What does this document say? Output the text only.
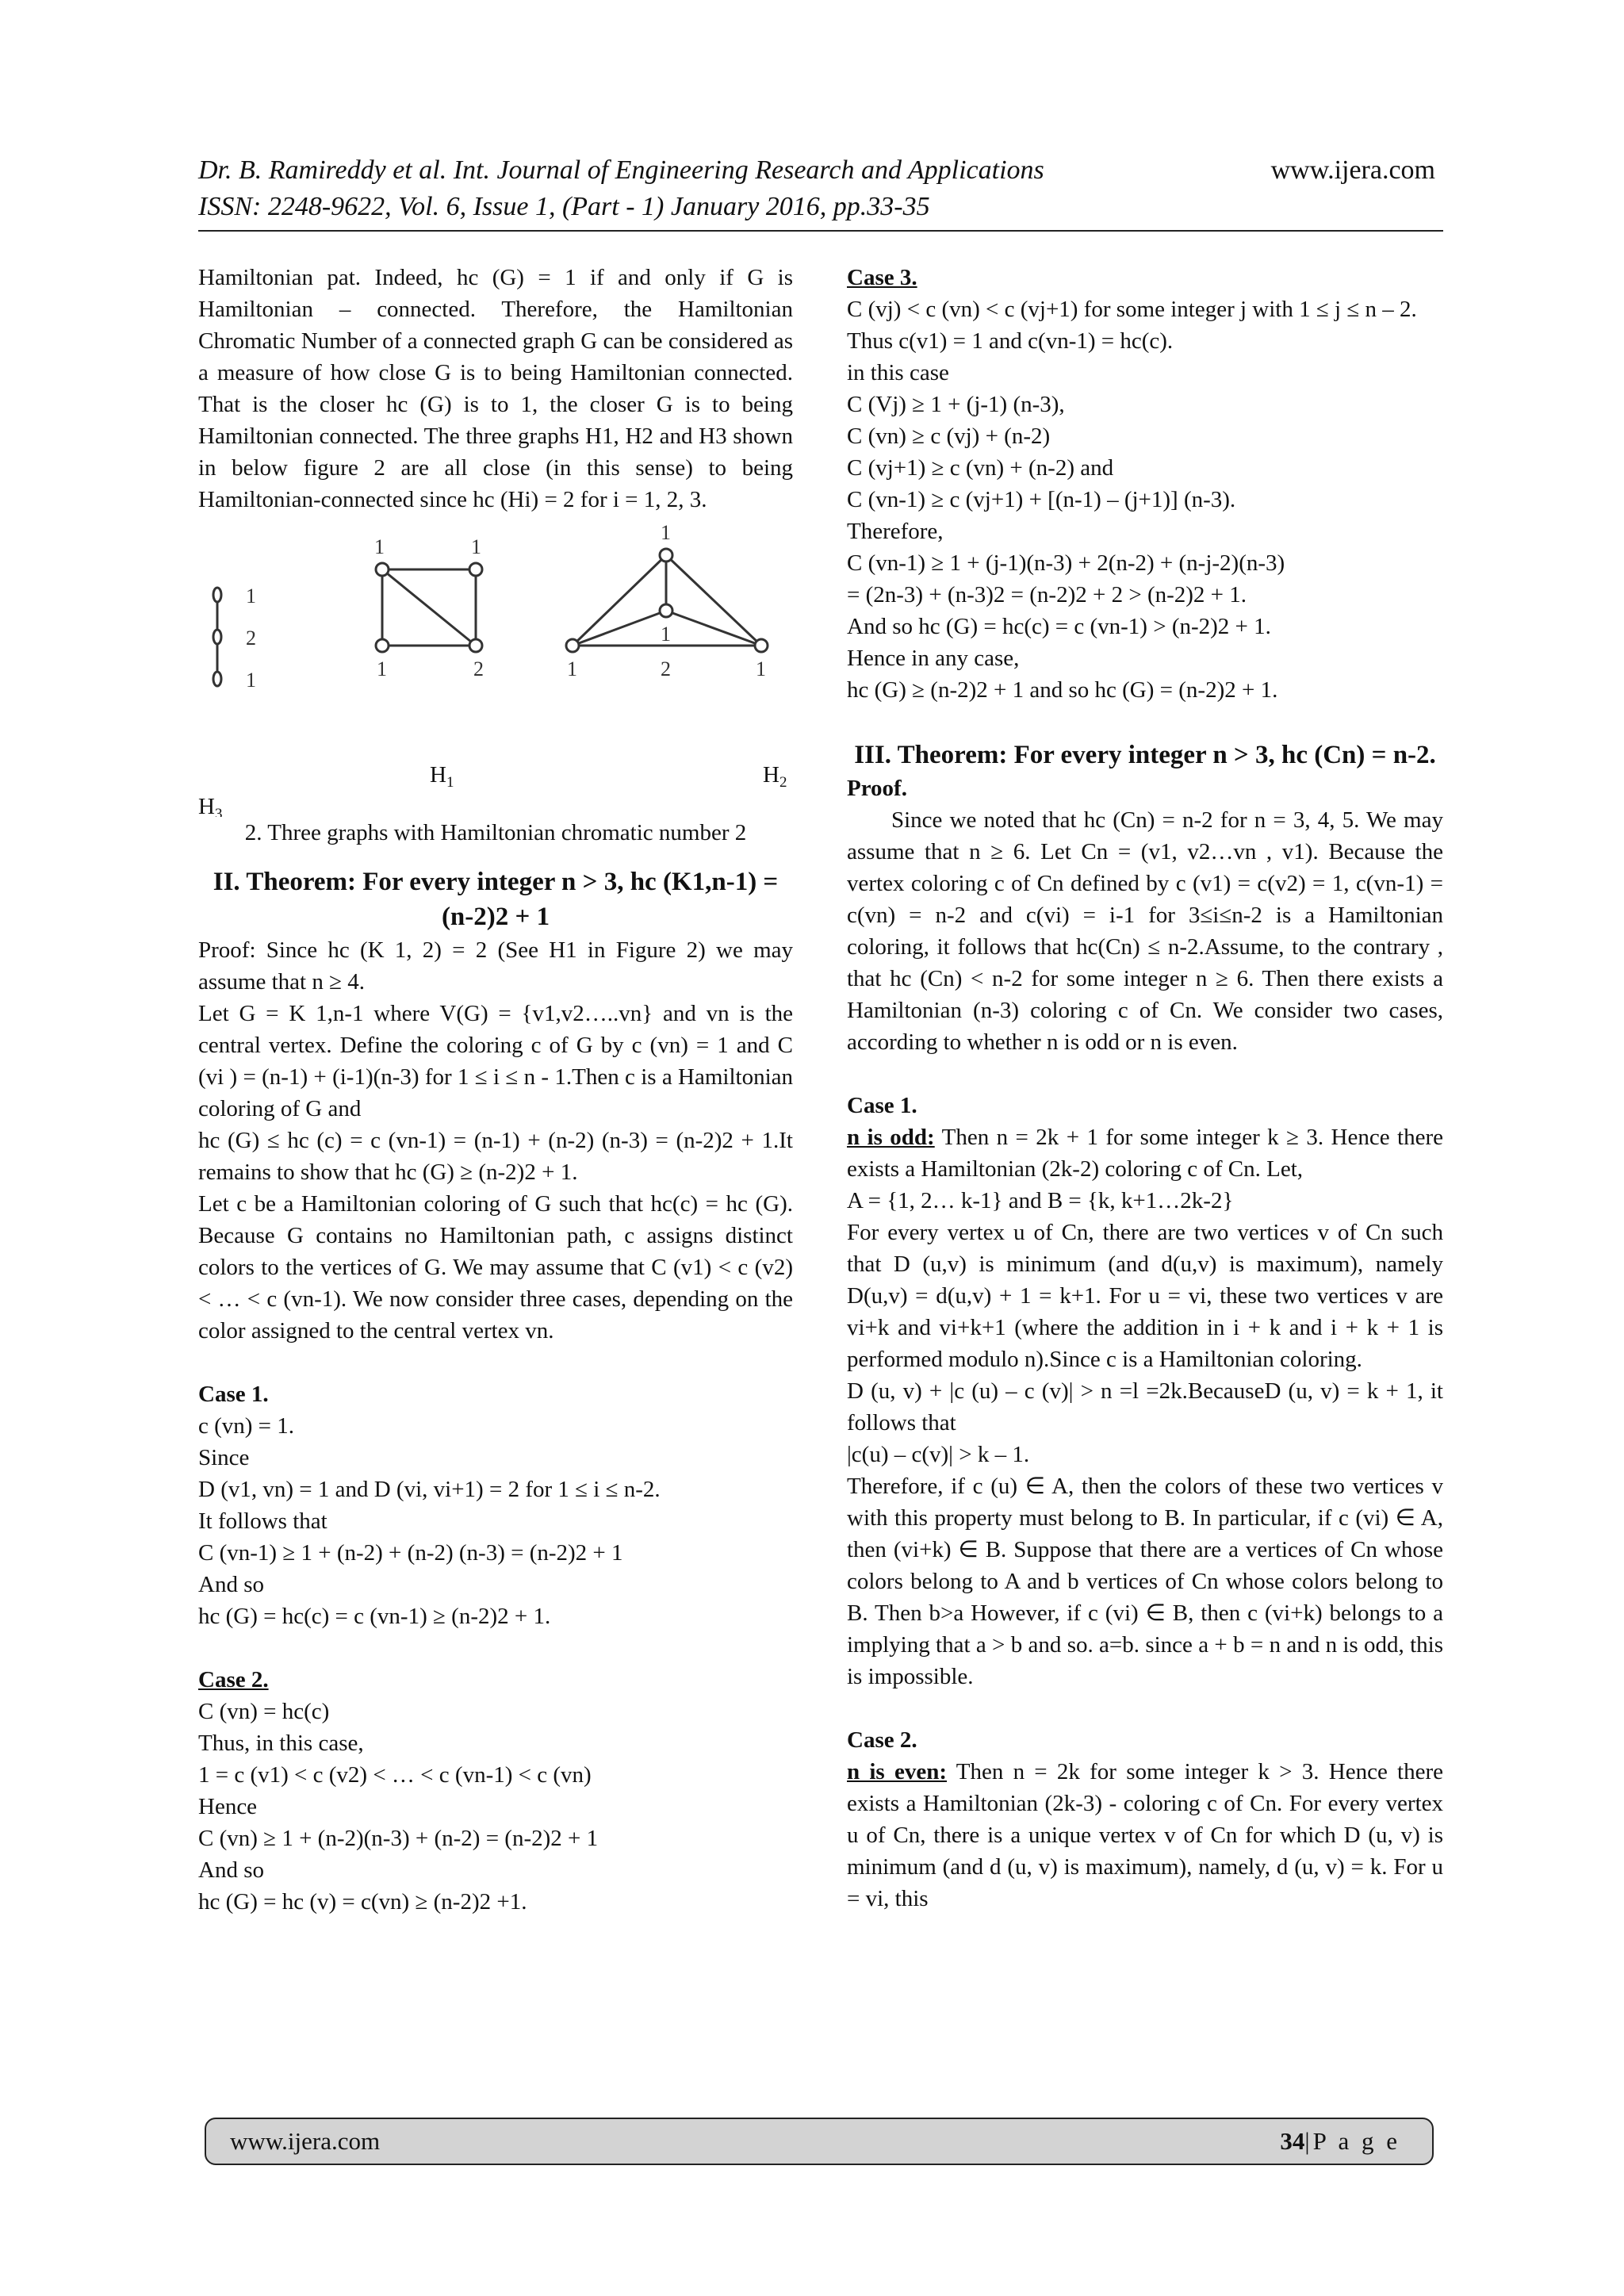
Dr. B. Ramireddy et al. Int. Journal of Engineering Research and Applications

ISSN: 2248-9622, Vol. 6, Issue 1, (Part - 1) January 2016, pp.33-35

www.ijera.com

Hamiltonian pat. Indeed, hc (G) = 1 if and only if G is Hamiltonian – connected. Therefore, the Hamiltonian Chromatic Number of a connected graph G can be considered as a measure of how close G is to being Hamiltonian connected. That is the closer hc (G) is to 1, the closer G is to being Hamiltonian connected. The three graphs H1, H2 and H3 shown in below figure 2 are all close (in this sense) to being Hamiltonian-connected since hc (Hi) = 2 for i = 1, 2, 3.

1
2
1
1	1
1	2
1
1
1	2	1
$H_1$	$H_2$
$H_3$

2. Three graphs with Hamiltonian chromatic number 2

II. Theorem: For every integer n > 3, hc (K1,n-1) = (n-2)2 + 1

Proof: Since hc (K 1, 2) = 2 (See H1 in Figure 2) we may assume that n ≥ 4.

Let G = K 1,n-1 where V(G) = {v1,v2…..vn} and vn is the central vertex. Define the coloring c of G by c (vn) = 1 and C (vi ) = (n-1) + (i-1)(n-3) for 1 ≤ i ≤ n - 1.Then c is a Hamiltonian coloring of G and

hc (G) ≤ hc (c) = c (vn-1) = (n-1) + (n-2) (n-3) = (n-2)2 + 1.It remains to show that hc (G) ≥ (n-2)2 + 1.

Let c be a Hamiltonian coloring of G such that hc(c) = hc (G). Because G contains no Hamiltonian path, c assigns distinct colors to the vertices of G. We may assume that C (v1) < c (v2) < … < c (vn-1). We now consider three cases, depending on the color assigned to the central vertex vn.

Case 1.

c (vn) = 1.

Since

D (v1, vn) = 1 and D (vi, vi+1) = 2 for 1 ≤ i ≤ n-2.

It follows that

C (vn-1) ≥ 1 + (n-2) + (n-2) (n-3) = (n-2)2 + 1

And so

hc (G) = hc(c) = c (vn-1) ≥ (n-2)2 + 1.

Case 2.

C (vn) = hc(c)

Thus, in this case,

1 = c (v1) < c (v2) < … < c (vn-1) < c (vn)

Hence

C (vn) ≥ 1 + (n-2)(n-3) + (n-2) = (n-2)2 + 1

And so

hc (G) = hc (v) = c(vn) ≥ (n-2)2 +1.

Case 3.

C (vj) < c (vn) < c (vj+1) for some integer j with 1 ≤ j ≤ n – 2.

Thus c(v1) = 1 and c(vn-1) = hc(c).

in this case

C (Vj) ≥ 1 + (j-1) (n-3),

C (vn) ≥ c (vj) + (n-2)

C (vj+1) ≥ c (vn) + (n-2) and

C (vn-1) ≥ c (vj+1) + [(n-1) – (j+1)] (n-3).

Therefore,

C (vn-1) ≥ 1 + (j-1)(n-3) + 2(n-2) + (n-j-2)(n-3)

= (2n-3) + (n-3)2 = (n-2)2 + 2 > (n-2)2 + 1.

And so hc (G) = hc(c) = c (vn-1) > (n-2)2 + 1.

Hence in any case,

hc (G) ≥ (n-2)2 + 1 and so hc (G) = (n-2)2 + 1.

III. Theorem: For every integer n > 3, hc (Cn) = n-2.

Proof.

Since we noted that hc (Cn) = n-2 for n = 3, 4, 5. We may assume that n ≥ 6. Let Cn = (v1, v2…vn , v1). Because the vertex coloring c of Cn defined by c (v1) = c(v2) = 1, c(vn-1) = c(vn) = n-2 and c(vi) = i-1 for 3≤i≤n-2 is a Hamiltonian coloring, it follows that hc(Cn) ≤ n-2.Assume, to the contrary , that hc (Cn) < n-2 for some integer n ≥ 6. Then there exists a Hamiltonian (n-3) coloring c of Cn. We consider two cases, according to whether n is odd or n is even.

Case 1.

n is odd: Then n = 2k + 1 for some integer k ≥ 3. Hence there exists a Hamiltonian (2k-2) coloring c of Cn. Let,

A = {1, 2… k-1} and B = {k, k+1…2k-2}

For every vertex u of Cn, there are two vertices v of Cn such that D (u,v) is minimum (and d(u,v) is maximum), namely D(u,v) = d(u,v) + 1 = k+1. For u = vi, these two vertices v are vi+k and vi+k+1 (where the addition in i + k and i + k + 1 is performed modulo n).Since c is a Hamiltonian coloring.

D (u, v) + |c (u) – c (v)| > n =l =2k.BecauseD (u, v) = k + 1, it follows that

|c(u) – c(v)| > k – 1.

Therefore, if c (u) ∈ A, then the colors of these two vertices v with this property must belong to B. In particular, if c (vi) ∈ A, then (vi+k) ∈ B. Suppose that there are a vertices of Cn whose colors belong to A and b vertices of Cn whose colors belong to B. Then b>a However, if c (vi) ∈ B, then c (vi+k) belongs to a implying that a > b and so. a=b. since a + b = n and n is odd, this is impossible.

Case 2.

n is even: Then n = 2k for some integer k > 3. Hence there exists a Hamiltonian (2k-3) - coloring c of Cn. For every vertex u of Cn, there is a unique vertex v of Cn for which D (u, v) is minimum (and d (u, v) is maximum), namely, d (u, v) = k. For u = vi, this

www.ijera.com	34|P a g e
